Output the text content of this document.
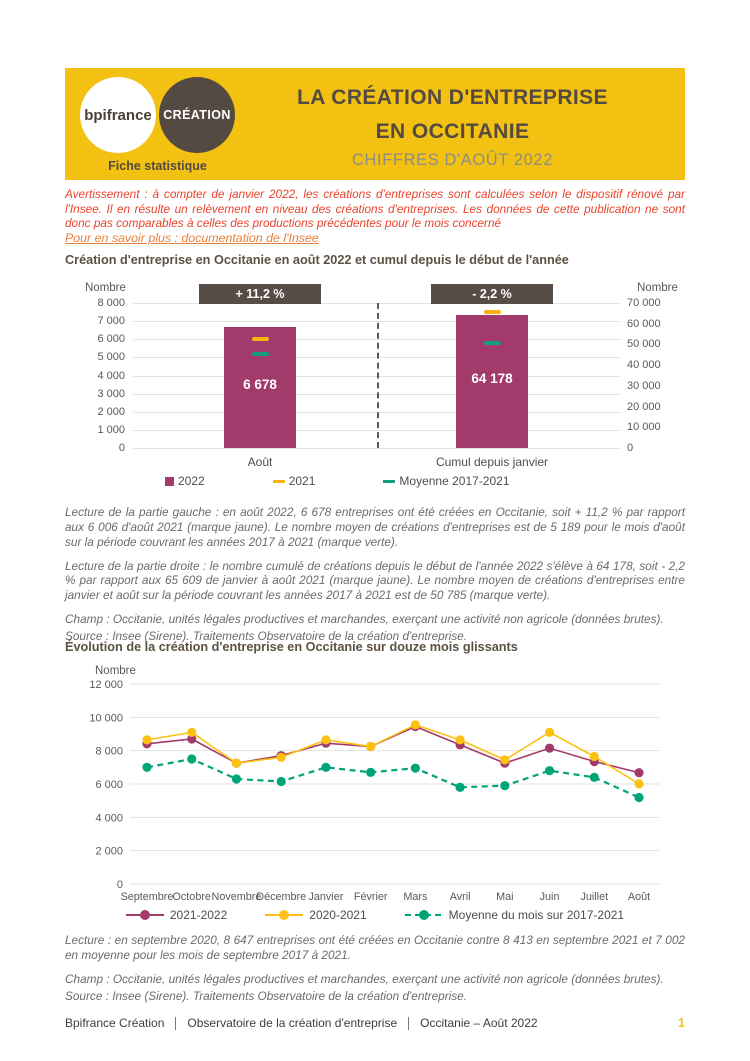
bpifrance CRÉATION
Fiche statistique
LA CRÉATION D'ENTREPRISE
EN OCCITANIE
CHIFFRES D'AOÛT 2022

Avertissement : à compter de janvier 2022, les créations d'entreprises sont calculées selon le dispositif rénové par l'Insee. Il en résulte un relèvement en niveau des créations d'entreprises. Les données de cette publication ne sont donc pas comparables à celles des productions précédentes pour le mois concerné

Pour en savoir plus : documentation de l'Insee
Création d'entreprise en Occitanie en août 2022 et cumul depuis le début de l'année
Nombre	Nombre
8 000
7 000
6 000
5 000
4 000
3 000
2 000
1 000
0
70 000
60 000
50 000
40 000
30 000
20 000
10 000
0
6 678
+ 11,2 %
Août
64 178
- 2,2 %
Cumul depuis janvier
2022	2021	Moyenne 2017-2021

Lecture de la partie gauche : en août 2022, 6 678 entreprises ont été créées en Occitanie, soit + 11,2 % par rapport aux 6 006 d'août 2021 (marque jaune). Le nombre moyen de créations d'entreprises est de 5 189 pour le mois d'août sur la période couvrant les années 2017 à 2021 (marque verte).

Lecture de la partie droite : le nombre cumulé de créations depuis le début de l'année 2022 s'élève à 64 178, soit - 2,2 % par rapport aux 65 609 de janvier à août 2021 (marque jaune). Le nombre moyen de créations d'entreprises entre janvier et août sur la période couvrant les années 2017 à 2021 est de 50 785 (marque verte).

Champ : Occitanie, unités légales productives et marchandes, exerçant une activité non agricole (données brutes).

Source : Insee (Sirene). Traitements Observatoire de la création d'entreprise.

Évolution de la création d'entreprise en Occitanie sur douze mois glissants
Nombre
12 000
10 000
8 000
6 000
4 000
2 000
0
Septembre Octobre Novembre
Décembre Janvier Février Mars Avril Mai Juin Juillet Août
2021-2022	2020-2021	Moyenne du mois sur 2017-2021

Lecture : en septembre 2020, 8 647 entreprises ont été créées en Occitanie contre 8 413 en septembre 2021 et 7 002 en moyenne pour les mois de septembre 2017 à 2021.

Champ : Occitanie, unités légales productives et marchandes, exerçant une activité non agricole (données brutes).

Source : Insee (Sirene). Traitements Observatoire de la création d'entreprise.

Bpifrance Création Observatoire de la création d'entreprise Occitanie – Août 2022	1
